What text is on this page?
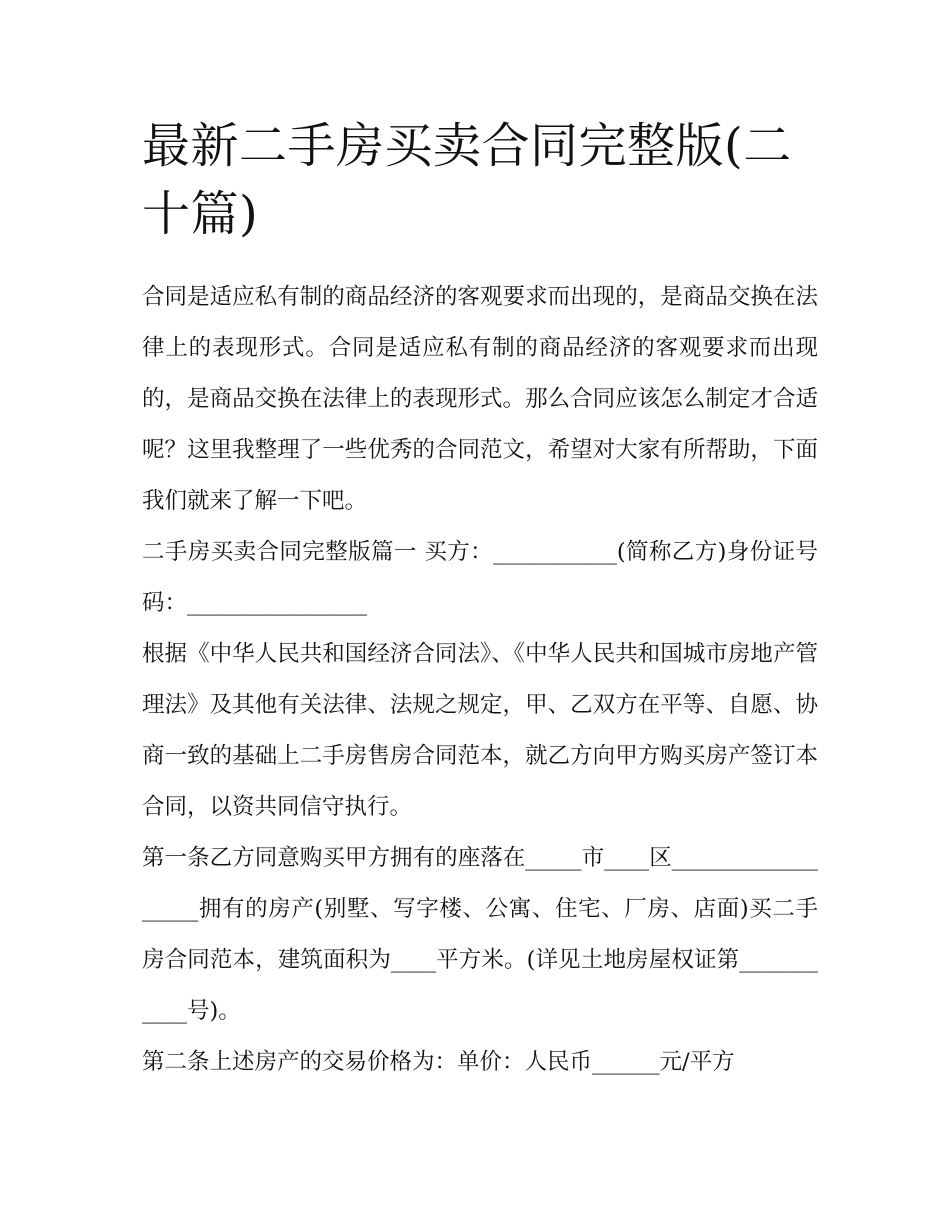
最新二手房买卖合同完整版(二十篇)

合同是适应私有制的商品经济的客观要求而出现的，是商品交换在法律上的表现形式。合同是适应私有制的商品经济的客观要求而出现的，是商品交换在法律上的表现形式。那么合同应该怎么制定才合适呢？这里我整理了一些优秀的合同范文，希望对大家有所帮助，下面我们就来了解一下吧。

二手房买卖合同完整版篇一 买方：___________(简称乙方)身份证号码：________________

根据《中华人民共和国经济合同法》、《中华人民共和国城市房地产管理法》及其他有关法律、法规之规定，甲、乙双方在平等、自愿、协商一致的基础上二手房售房合同范本，就乙方向甲方购买房产签订本合同，以资共同信守执行。

第一条乙方同意购买甲方拥有的座落在_____市____区__________________拥有的房产(别墅、写字楼、公寓、住宅、厂房、店面)买二手房合同范本，建筑面积为____平方米。(详见土地房屋权证第___________号)。

第二条上述房产的交易价格为：单价：人民币______元/平方
